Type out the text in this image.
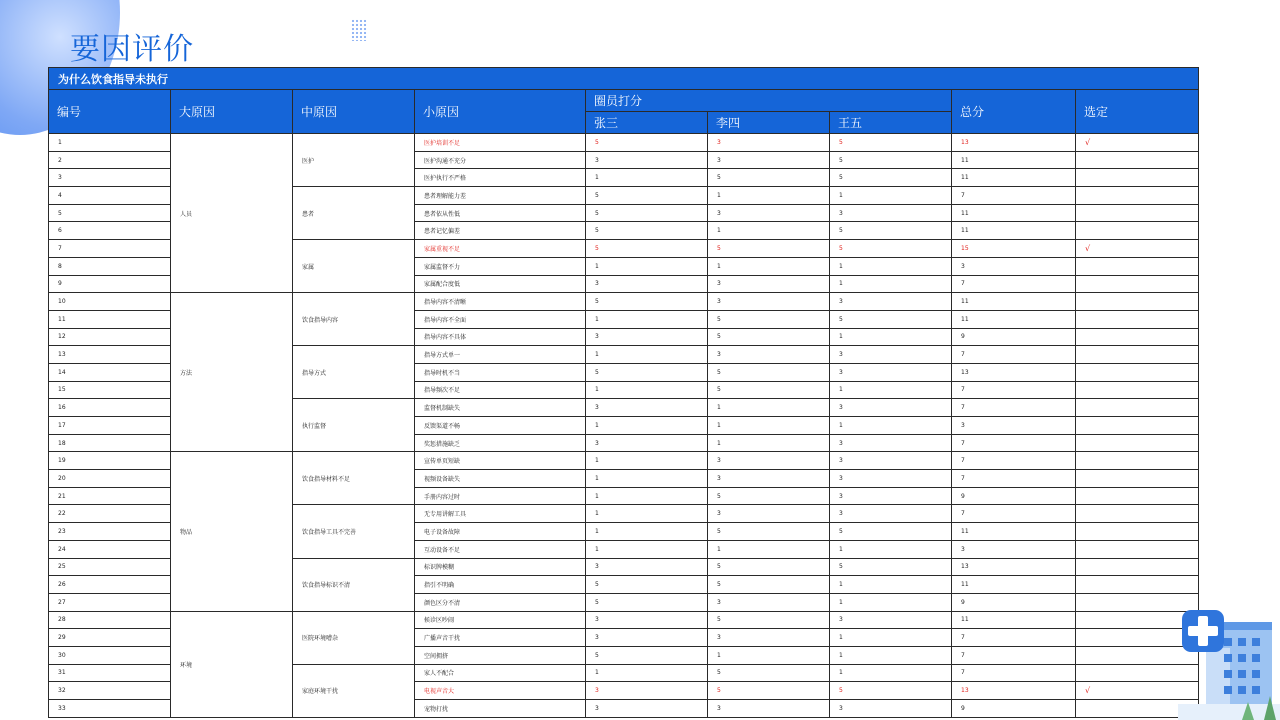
要因评价
为什么饮食指导未执行								
编号	大原因	中原因	小原因	圈员打分			总分	选定
				张三	李四	王五		
1	人员	医护	医护培训不足	5	3	5	13	√
2			医护沟通不充分	3	3	5	11	
3			医护执行不严格	1	5	5	11	
4		患者	患者理解能力差	5	1	1	7	
5			患者依从性低	5	3	3	11	
6			患者记忆偏差	5	1	5	11	
7		家属	家属重视不足	5	5	5	15	√
8			家属监督不力	1	1	1	3	
9			家属配合度低	3	3	1	7	
10	方法	饮食指导内容	指导内容不清晰	5	3	3	11	
11			指导内容不全面	1	5	5	11	
12			指导内容不具体	3	5	1	9	
13		指导方式	指导方式单一	1	3	3	7	
14			指导时机不当	5	5	3	13	
15			指导频次不足	1	5	1	7	
16		执行监督	监督机制缺失	3	1	3	7	
17			反馈渠道不畅	1	1	1	3	
18			奖惩措施缺乏	3	1	3	7	
19	物品	饮食指导材料不足	宣传单页短缺	1	3	3	7	
20			视频设备缺失	1	3	3	7	
21			手册内容过时	1	5	3	9	
22		饮食指导工具不完善	无专用讲解工具	1	3	3	7	
23			电子设备故障	1	5	5	11	
24			互动设备不足	1	1	1	3	
25		饮食指导标识不清	标识牌模糊	3	5	5	13	
26			指引不明确	5	5	1	11	
27			颜色区分不清	5	3	1	9	
28	环境	医院环境嘈杂	候诊区吵闹	3	5	3	11	
29			广播声音干扰	3	3	1	7	
30			空间拥挤	5	1	1	7	
31		家庭环境干扰	家人不配合	1	5	1	7	
32			电视声音大	3	5	5	13	√
33			宠物打扰	3	3	3	9	
